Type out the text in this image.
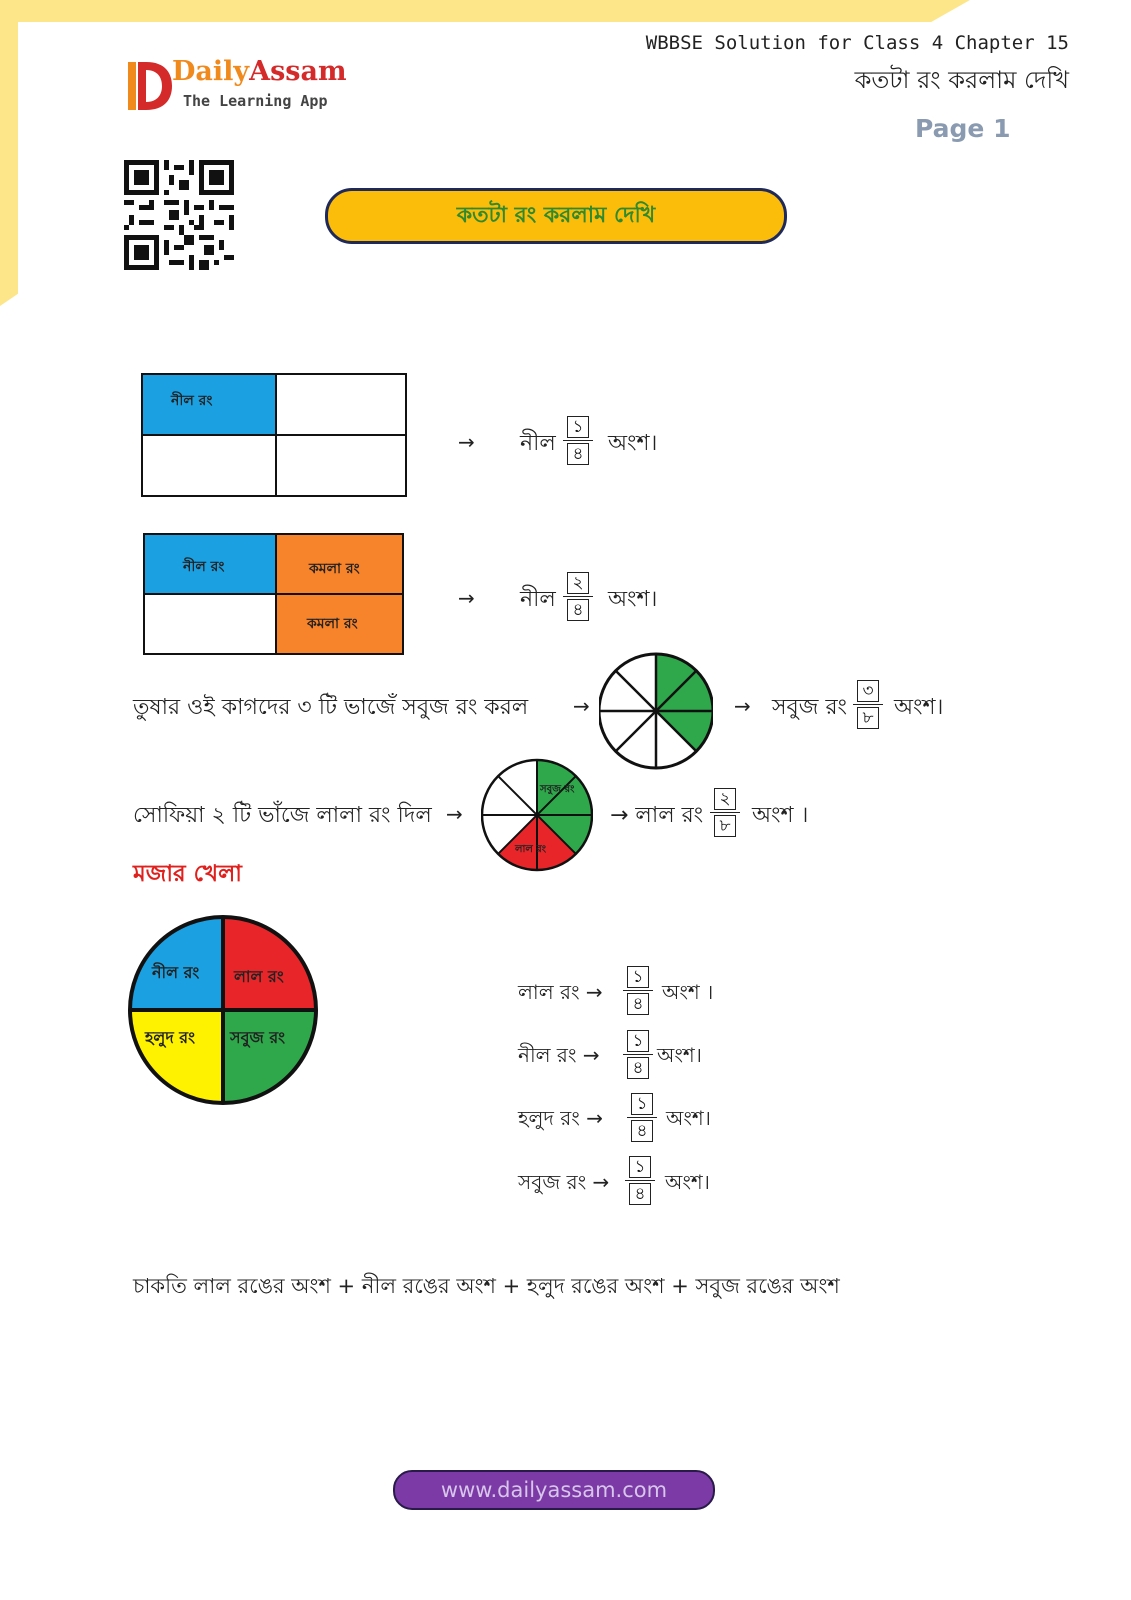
DailyAssam
The Learning App
WBBSE Solution for Class 4 Chapter 15
কতটা রং করলাম দেখি
Page 1
কতটা রং করলাম দেখি
নীল রং
→ নীল
১
৪ অংশ।
নীল রং	কমলা রং
কমলা রং
→ নীল
২
৪ অংশ।
তুষার ওই কাগদের ৩ টি ভাজেঁ সবুজ রং করল →	→ সবুজ রং
৩
৮ অংশ।
সোফিয়া ২ টি ভাঁজে লালা রং দিল →
সবুজ রং
লাল রং
→ লাল রং
২
৮ অংশ ।
মজার খেলা
নীল রং লাল রং
হলুদ রং সবুজ রং
লাল রং →
১
৪ অংশ ।
নীল রং →
১
৪
অংশ।
হলুদ রং →
১
৪
অংশ।
সবুজ রং →
১
৪ অংশ।
চাকতি লাল রঙের অংশ + নীল রঙের অংশ + হলুদ রঙের অংশ + সবুজ রঙের অংশ
www.dailyassam.com
